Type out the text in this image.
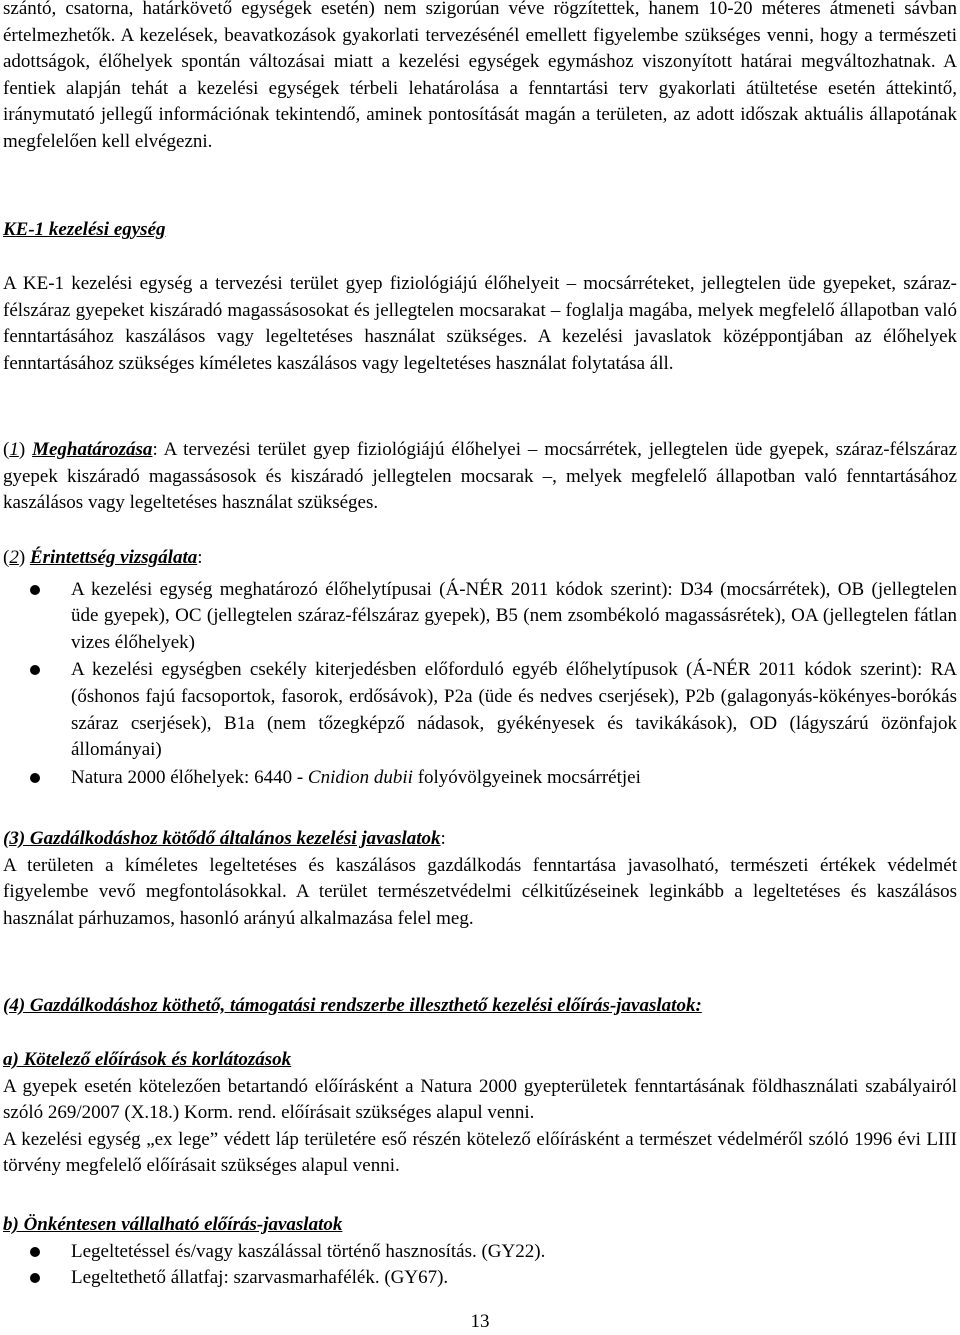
szántó, csatorna, határkövető egységek esetén) nem szigorúan véve rögzítettek, hanem 10-20 méteres átmeneti sávban értelmezhetők. A kezelések, beavatkozások gyakorlati tervezésénél emellett figyelembe szükséges venni, hogy a természeti adottságok, élőhelyek spontán változásai miatt a kezelési egységek egymáshoz viszonyított határai megváltozhatnak. A fentiek alapján tehát a kezelési egységek térbeli lehatárolása a fenntartási terv gyakorlati átültetése esetén áttekintő, iránymutató jellegű információnak tekintendő, aminek pontosítását magán a területen, az adott időszak aktuális állapotának megfelelően kell elvégezni.

KE-1 kezelési egység

A KE-1 kezelési egység a tervezési terület gyep fiziológiájú élőhelyeit – mocsárréteket, jellegtelen üde gyepeket, száraz-félszáraz gyepeket kiszáradó magassásosokat és jellegtelen mocsarakat – foglalja magába, melyek megfelelő állapotban való fenntartásához kaszálásos vagy legeltetéses használat szükséges. A kezelési javaslatok középpontjában az élőhelyek fenntartásához szükséges kíméletes kaszálásos vagy legeltetéses használat folytatása áll.

(1) Meghatározása: A tervezési terület gyep fiziológiájú élőhelyei – mocsárrétek, jellegtelen üde gyepek, száraz-félszáraz gyepek kiszáradó magassásosok és kiszáradó jellegtelen mocsarak –, melyek megfelelő állapotban való fenntartásához kaszálásos vagy legeltetéses használat szükséges.

(2) Érintettség vizsgálata:

A kezelési egység meghatározó élőhelytípusai (Á-NÉR 2011 kódok szerint): D34 (mocsárrétek), OB (jellegtelen üde gyepek), OC (jellegtelen száraz-félszáraz gyepek), B5 (nem zsombékoló magassásrétek), OA (jellegtelen fátlan vizes élőhelyek)
A kezelési egységben csekély kiterjedésben előforduló egyéb élőhelytípusok (Á-NÉR 2011 kódok szerint): RA (őshonos fajú facsoportok, fasorok, erdősávok), P2a (üde és nedves cserjések), P2b (galagonyás-kökényes-borókás száraz cserjések), B1a (nem tőzegképző nádasok, gyékényesek és tavikákások), OD (lágyszárú özönfajok állományai)
Natura 2000 élőhelyek: 6440 - Cnidion dubii folyóvölgyeinek mocsárrétjei

(3) Gazdálkodáshoz kötődő általános kezelési javaslatok:

A területen a kíméletes legeltetéses és kaszálásos gazdálkodás fenntartása javasolható, természeti értékek védelmét figyelembe vevő megfontolásokkal. A terület természetvédelmi célkitűzéseinek leginkább a legeltetéses és kaszálásos használat párhuzamos, hasonló arányú alkalmazása felel meg.

(4) Gazdálkodáshoz köthető, támogatási rendszerbe illeszthető kezelési előírás-javaslatok:

a) Kötelező előírások és korlátozások

A gyepek esetén kötelezően betartandó előírásként a Natura 2000 gyepterületek fenntartásának földhasználati szabályairól szóló 269/2007 (X.18.) Korm. rend. előírásait szükséges alapul venni.

A kezelési egység „ex lege” védett láp területére eső részén kötelező előírásként a természet védelméről szóló 1996 évi LIII törvény megfelelő előírásait szükséges alapul venni.

b) Önkéntesen vállalható előírás-javaslatok

Legeltetéssel és/vagy kaszálással történő hasznosítás. (GY22).
Legeltethető állatfaj: szarvasmarhafélék. (GY67).
13
